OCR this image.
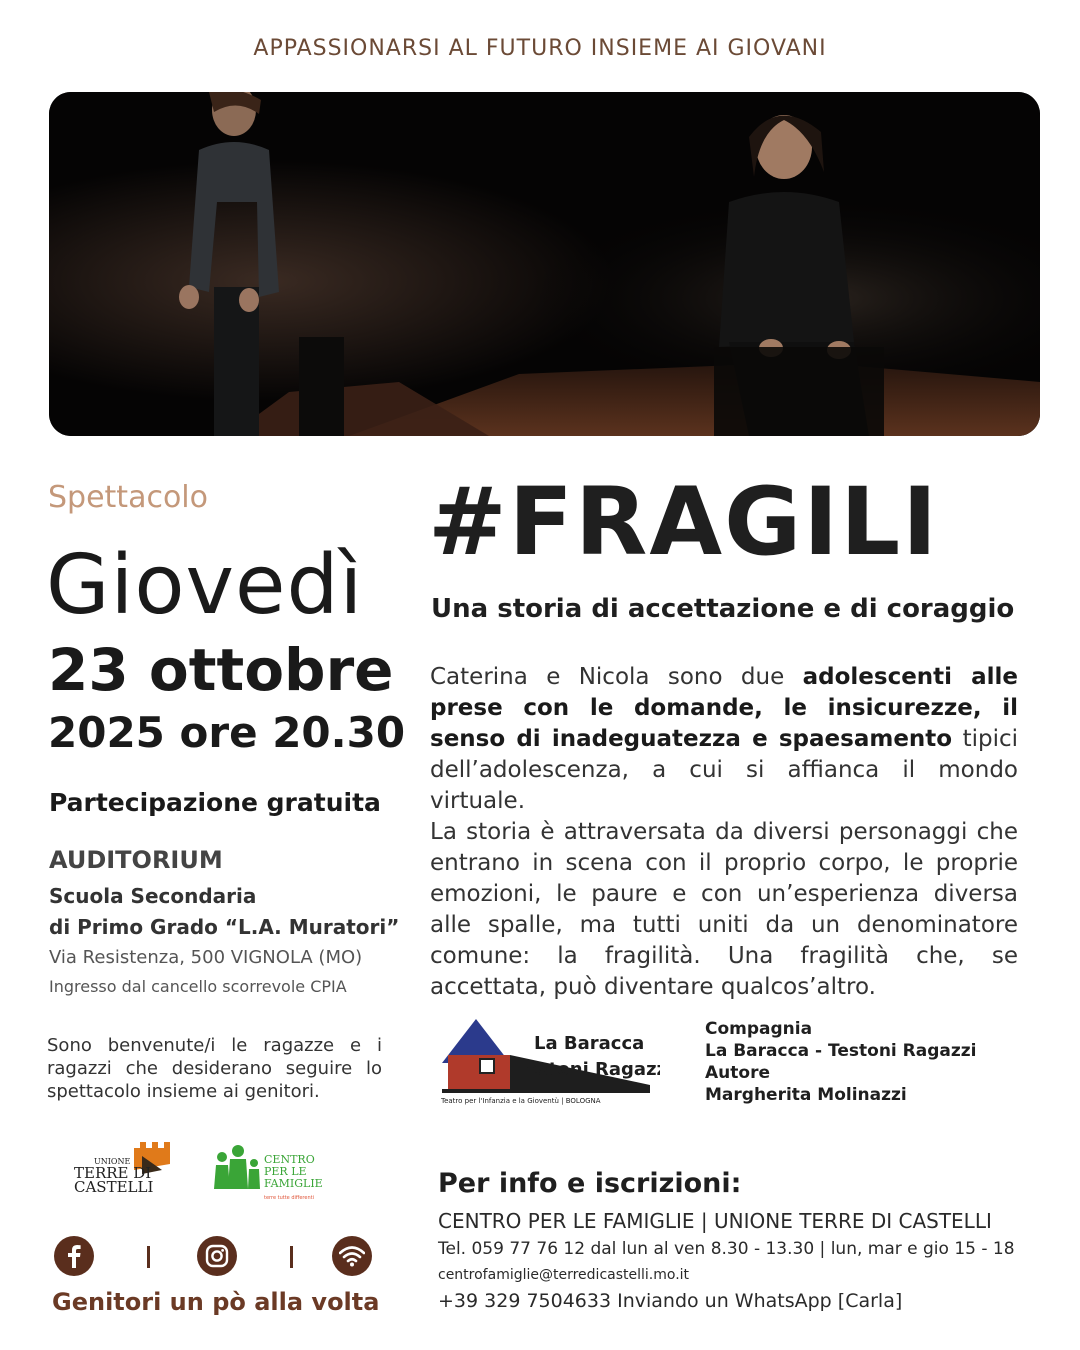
APPASSIONARSI AL FUTURO INSIEME AI GIOVANI
Spettacolo
Giovedì
23 ottobre
2025 ore 20.30
Partecipazione gratuita
AUDITORIUM
Scuola Secondaria
di Primo Grado “L.A. Muratori”
Via Resistenza, 500 VIGNOLA (MO)
Ingresso dal cancello scorrevole CPIA
Sono benvenute/i le ragazze e i ragazzi che desiderano seguire lo spettacolo insieme ai genitori.
#FRAGILI
Una storia di accettazione e di coraggio
Caterina e Nicola sono due adolescenti alle prese con le domande, le insicurezze, il senso di inadeguatezza e spaesamento tipici dell’adolescenza, a cui si affianca il mondo virtuale.
La storia è attraversata da diversi personaggi che entrano in scena con il proprio corpo, le proprie emozioni, le paure e con un’esperienza diversa alle spalle, ma tutti uniti da un denominatore comune: la fragilità. Una fragilità che, se accettata, può diventare qualcos’altro.
La Baracca
Testoni Ragazzi
Teatro per l'Infanzia e la Gioventù | BOLOGNA
Compagnia
La Baracca - Testoni Ragazzi
Autore
Margherita Molinazzi
UNIONE
TERRE DI
CASTELLI
CENTRO
PER LE
FAMIGLIE
terre tutte differenti
Genitori un pò alla volta
Per info e iscrizioni:
CENTRO PER LE FAMIGLIE | UNIONE TERRE DI CASTELLI
Tel. 059 77 76 12 dal lun al ven 8.30 - 13.30 | lun, mar e gio 15 - 18
centrofamiglie@terredicastelli.mo.it
+39 329 7504633 Inviando un WhatsApp [Carla]
